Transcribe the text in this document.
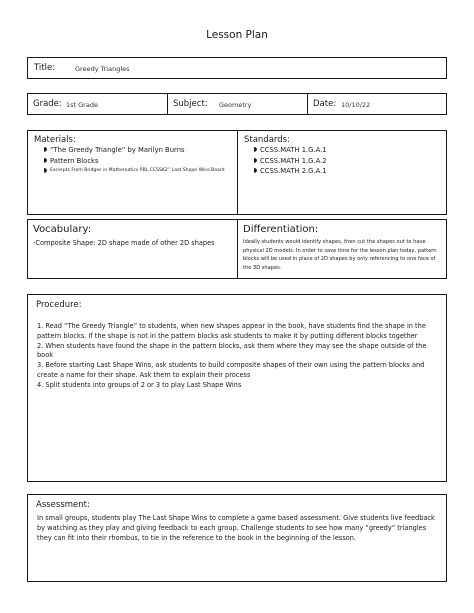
Lesson Plan
Title:	Greedy Triangles
Grade: 1st Grade	Subject: Geometry	Date: 10/10/22
Materials:
● “The Greedy Triangle” by Marilyn Burns
● Pattern Blocks
● Excerpts From Bridges in Mathematics PBL.CCSSK2” Last Shape Wins Board
Standards:
● CCSS.MATH 1.G.A.1
● CCSS.MATH 1.G.A.2
● CCSS.MATH 2.G.A.1
Vocabulary:
-Composite Shape: 2D shape made of other 2D shapes
Differentiation:
Ideally students would identify shapes, then cut the shapes out to have physical 2D models. In order to save time for the lesson plan today, pattern blocks will be used in place of 2D shapes by only referencing to one face of the 3D shapes.
Procedure:
1. Read “The Greedy Triangle” to students, when new shapes appear in the book, have students find the shape in the pattern blocks. If the shape is not in the pattern blocks ask students to make it by putting different blocks together
2. When students have found the shape in the pattern blocks, ask them where they may see the shape outside of the book
3. Before starting Last Shape Wins, ask students to build composite shapes of their own using the pattern blocks and create a name for their shape. Ask them to explain their process
4. Split students into groups of 2 or 3 to play Last Shape Wins
Assessment:
In small groups, students play The Last Shape Wins to complete a game based assessment. Give students live feedback by watching as they play and giving feedback to each group. Challenge students to see how many “greedy” triangles they can fit into their rhombus, to tie in the reference to the book in the beginning of the lesson.
